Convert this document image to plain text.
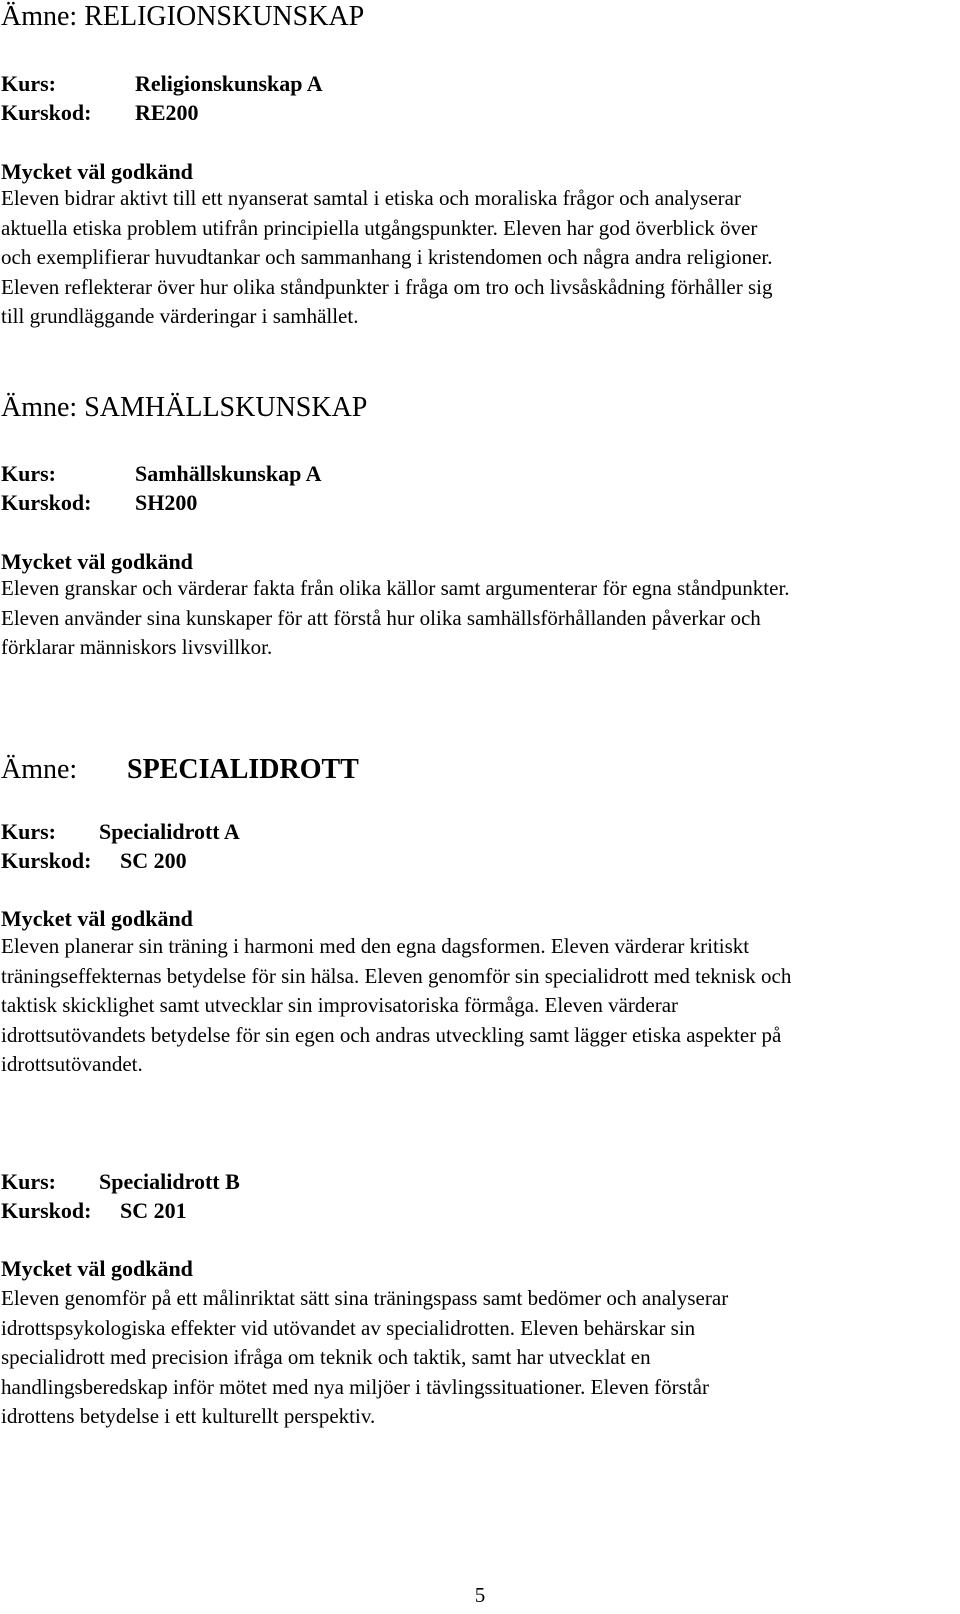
Ämne: RELIGIONSKUNSKAP
Kurs:	Religionskunskap A
Kurskod: RE200
Mycket väl godkänd
Eleven bidrar aktivt till ett nyanserat samtal i etiska och moraliska frågor och analyserar
aktuella etiska problem utifrån principiella utgångspunkter. Eleven har god överblick över
och exemplifierar huvudtankar och sammanhang i kristendomen och några andra religioner.
Eleven reflekterar över hur olika ståndpunkter i fråga om tro och livsåskådning förhåller sig
till grundläggande värderingar i samhället.
Ämne: SAMHÄLLSKUNSKAP
Kurs:	Samhällskunskap A
Kurskod: SH200
Mycket väl godkänd
Eleven granskar och värderar fakta från olika källor samt argumenterar för egna ståndpunkter.
Eleven använder sina kunskaper för att förstå hur olika samhällsförhållanden påverkar och
förklarar människors livsvillkor.
Ämne: SPECIALIDROTT
Kurs: Specialidrott A
Kurskod: SC 200
Mycket väl godkänd
Eleven planerar sin träning i harmoni med den egna dagsformen. Eleven värderar kritiskt
träningseffekternas betydelse för sin hälsa. Eleven genomför sin specialidrott med teknisk och
taktisk skicklighet samt utvecklar sin improvisatoriska förmåga. Eleven värderar
idrottsutövandets betydelse för sin egen och andras utveckling samt lägger etiska aspekter på
idrottsutövandet.
Kurs: Specialidrott B
Kurskod: SC 201
Mycket väl godkänd
Eleven genomför på ett målinriktat sätt sina träningspass samt bedömer och analyserar
idrottspsykologiska effekter vid utövandet av specialidrotten. Eleven behärskar sin
specialidrott med precision ifråga om teknik och taktik, samt har utvecklat en
handlingsberedskap inför mötet med nya miljöer i tävlingssituationer. Eleven förstår
idrottens betydelse i ett kulturellt perspektiv.
5
